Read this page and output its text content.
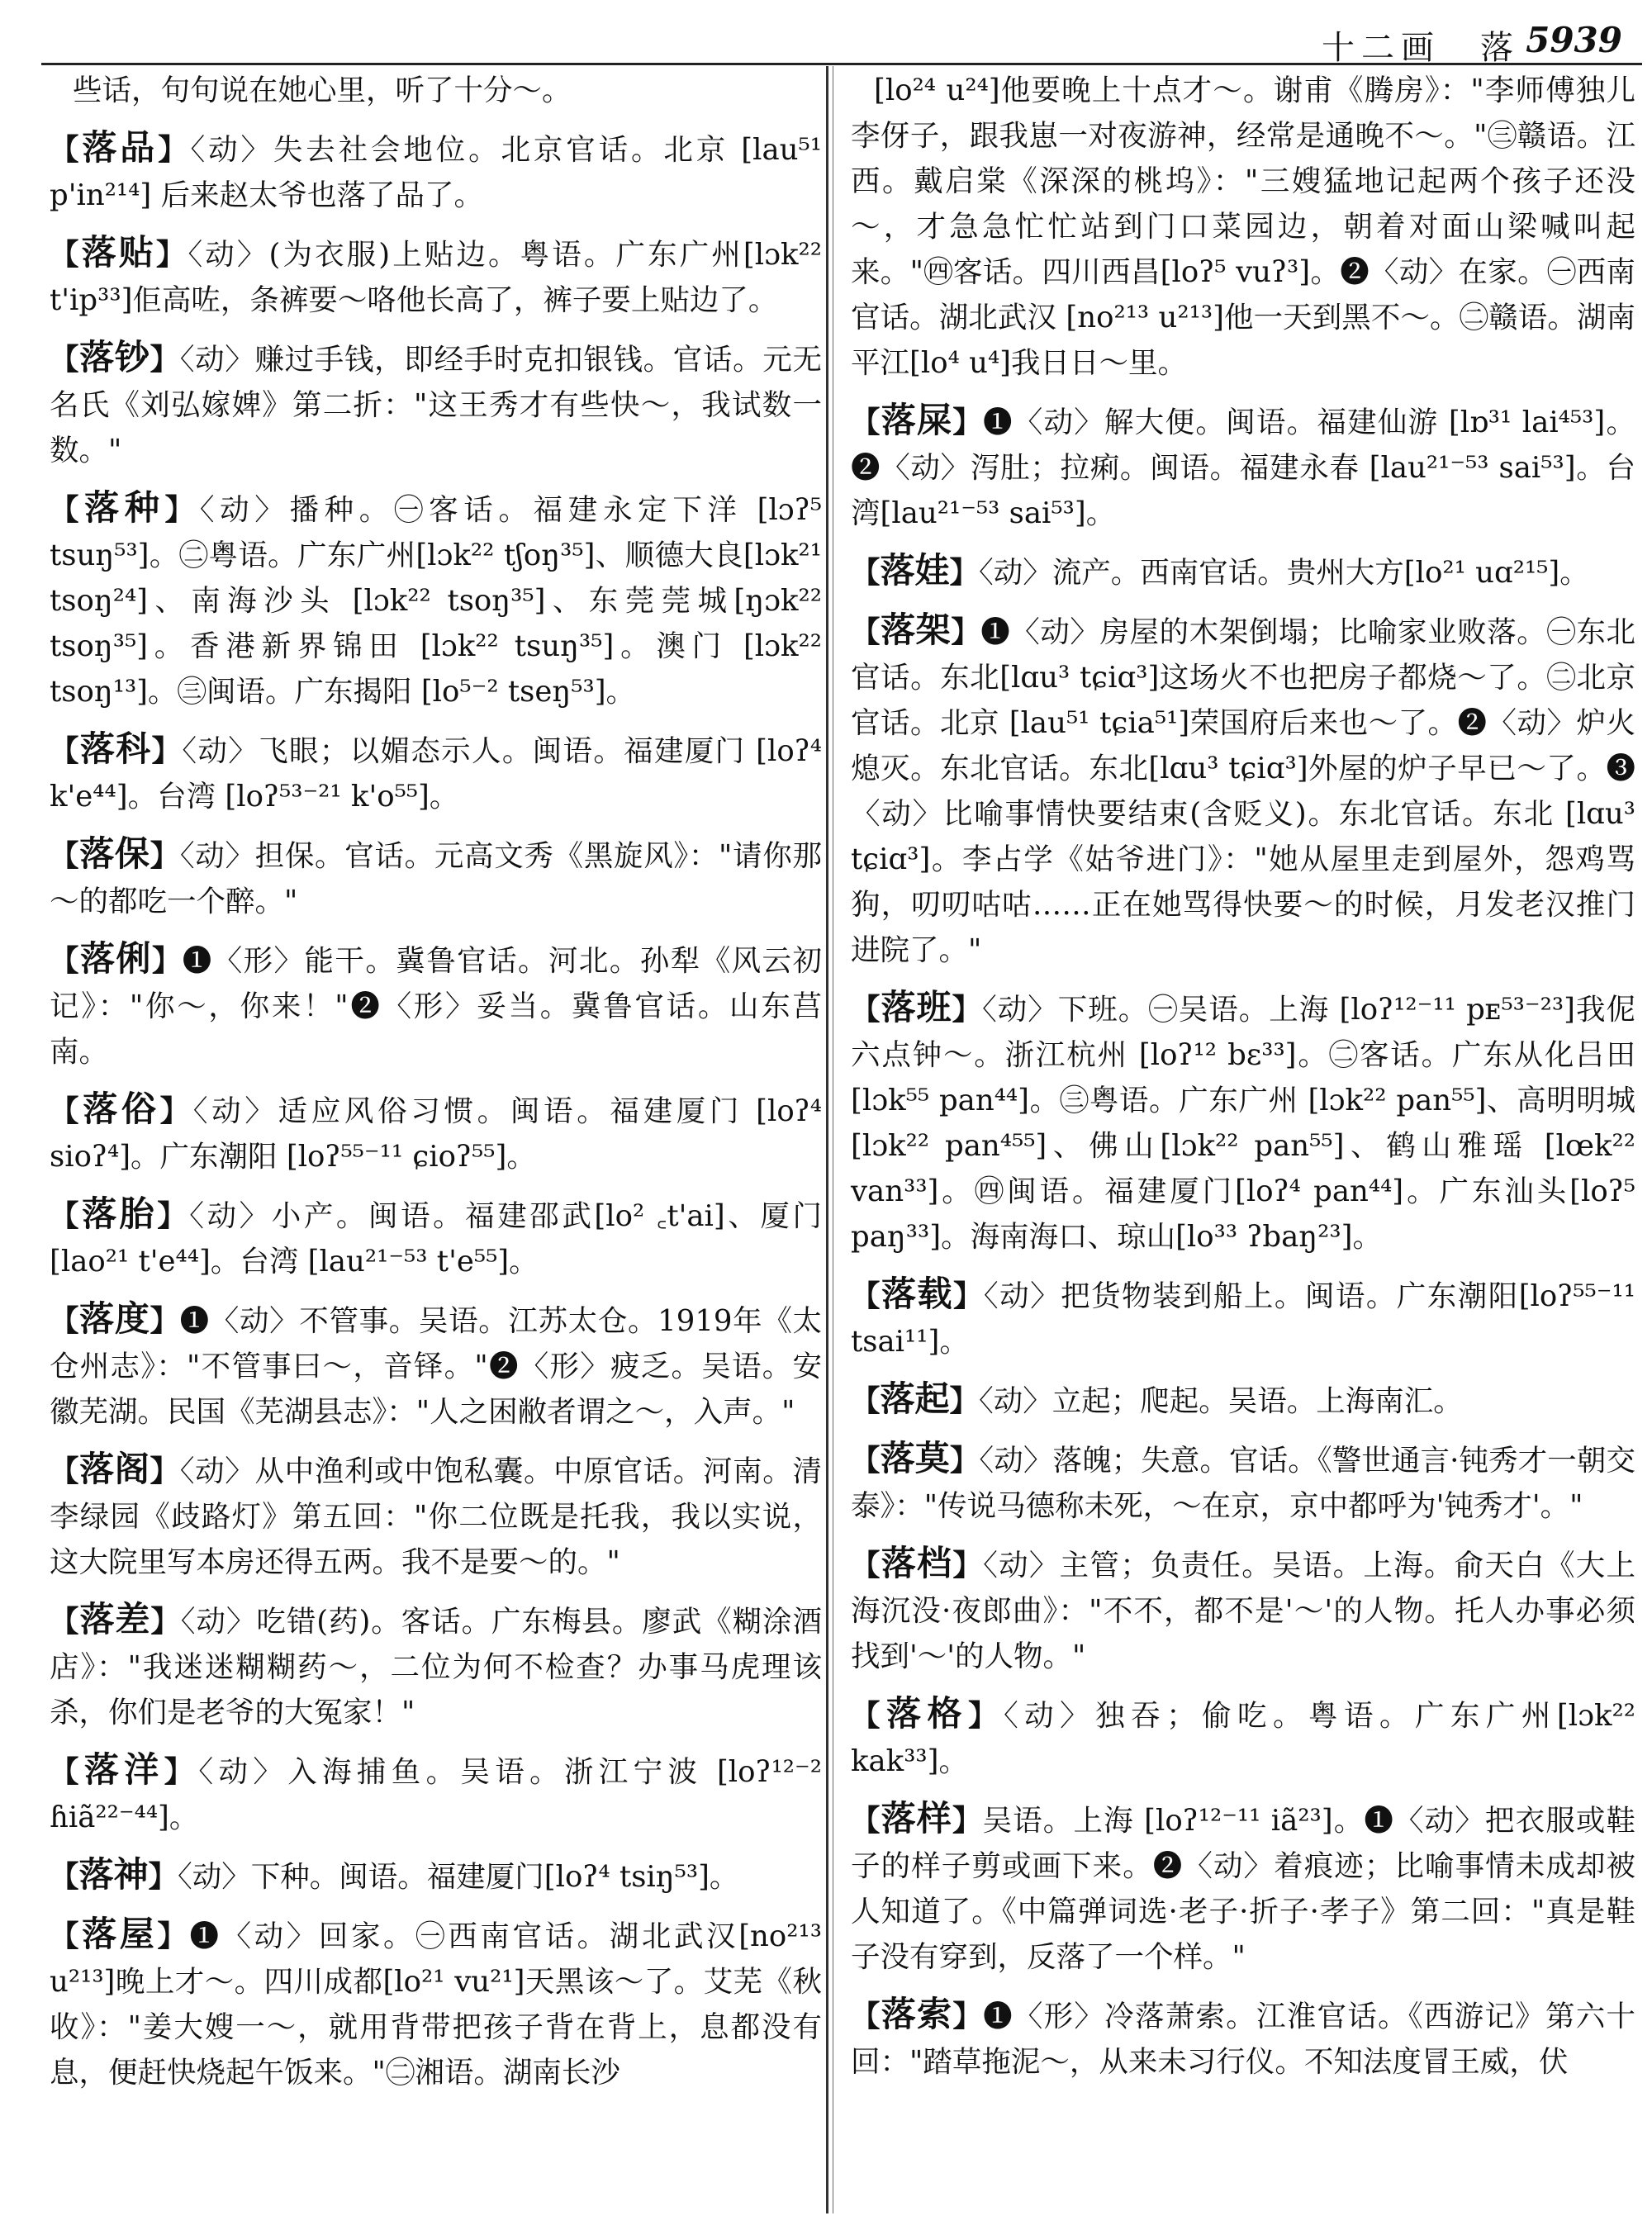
十二画　落 5939
些话，句句说在她心里，听了十分～。
【落品】〈动〉失去社会地位。北京官话。北京 [lau⁵¹ p'in²¹⁴] 后来赵太爷也落了品了。
【落贴】〈动〉(为衣服)上贴边。粤语。广东广州[lɔk²² t'ip³³]佢高咗，条裤要～咯他长高了，裤子要上贴边了。
【落钞】〈动〉赚过手钱，即经手时克扣银钱。官话。元无名氏《刘弘嫁婢》第二折："这王秀才有些快～，我试数一数。"
【落种】〈动〉播种。㊀客话。福建永定下洋 [lɔʔ⁵ tsuŋ⁵³]。㊁粤语。广东广州[lɔk²² tʃoŋ³⁵]、顺德大良[lɔk²¹ tsoŋ²⁴]、南海沙头 [lɔk²² tsoŋ³⁵]、东莞莞城[ŋɔk²² tsoŋ³⁵]。香港新界锦田 [lɔk²² tsuŋ³⁵]。澳门 [lɔk²² tsoŋ¹³]。㊂闽语。广东揭阳 [lo⁵⁻² tseŋ⁵³]。
【落科】〈动〉飞眼；以媚态示人。闽语。福建厦门 [loʔ⁴ k'e⁴⁴]。台湾 [loʔ⁵³⁻²¹ k'o⁵⁵]。
【落保】〈动〉担保。官话。元高文秀《黑旋风》："请你那～的都吃一个醉。"
【落俐】❶〈形〉能干。冀鲁官话。河北。孙犁《风云初记》："你～，你来！"❷〈形〉妥当。冀鲁官话。山东莒南。
【落俗】〈动〉适应风俗习惯。闽语。福建厦门 [loʔ⁴ sioʔ⁴]。广东潮阳 [loʔ⁵⁵⁻¹¹ ɕioʔ⁵⁵]。
【落胎】〈动〉小产。闽语。福建邵武[lo² ꜀t'ai]、厦门[lao²¹ t'e⁴⁴]。台湾 [lau²¹⁻⁵³ t'e⁵⁵]。
【落度】❶〈动〉不管事。吴语。江苏太仓。1919年《太仓州志》："不管事曰～，音铎。"❷〈形〉疲乏。吴语。安徽芜湖。民国《芜湖县志》："人之困敝者谓之～，入声。"
【落阁】〈动〉从中渔利或中饱私囊。中原官话。河南。清李绿园《歧路灯》第五回："你二位既是托我，我以实说，这大院里写本房还得五两。我不是要～的。"
【落差】〈动〉吃错(药)。客话。广东梅县。廖武《糊涂酒店》："我迷迷糊糊药～，二位为何不检查？办事马虎理该杀，你们是老爷的大冤家！"
【落洋】〈动〉入海捕鱼。吴语。浙江宁波 [loʔ¹²⁻² ɦiã²²⁻⁴⁴]。
【落神】〈动〉下种。闽语。福建厦门[loʔ⁴ tsiŋ⁵³]。
【落屋】❶〈动〉回家。㊀西南官话。湖北武汉[no²¹³ u²¹³]晚上才～。四川成都[lo²¹ vu²¹]天黑该～了。艾芜《秋收》："姜大嫂一～，就用背带把孩子背在背上，息都没有息，便赶快烧起午饭来。"㊁湘语。湖南长沙
[lo²⁴ u²⁴]他要晚上十点才～。谢甫《腾房》："李师傅独儿李伢子，跟我崽一对夜游神，经常是通晚不～。"㊂赣语。江西。戴启棠《深深的桃坞》："三嫂猛地记起两个孩子还没～，才急急忙忙站到门口菜园边，朝着对面山梁喊叫起来。"㊃客话。四川西昌[loʔ⁵ vuʔ³]。❷〈动〉在家。㊀西南官话。湖北武汉 [no²¹³ u²¹³]他一天到黑不～。㊁赣语。湖南平江[lo⁴ u⁴]我日日～里。
【落屎】❶〈动〉解大便。闽语。福建仙游 [lɒ³¹ lai⁴⁵³]。❷〈动〉泻肚；拉痢。闽语。福建永春 [lau²¹⁻⁵³ sai⁵³]。台湾[lau²¹⁻⁵³ sai⁵³]。
【落娃】〈动〉流产。西南官话。贵州大方[lo²¹ uɑ²¹⁵]。
【落架】❶〈动〉房屋的木架倒塌；比喻家业败落。㊀东北官话。东北[lɑu³ tɕiɑ³]这场火不也把房子都烧～了。㊁北京官话。北京 [lau⁵¹ tɕia⁵¹]荣国府后来也～了。❷〈动〉炉火熄灭。东北官话。东北[lɑu³ tɕiɑ³]外屋的炉子早已～了。❸〈动〉比喻事情快要结束(含贬义)。东北官话。东北 [lɑu³ tɕiɑ³]。李占学《姑爷进门》："她从屋里走到屋外，怨鸡骂狗，叨叨咕咕……正在她骂得快要～的时候，月发老汉推门进院了。"
【落班】〈动〉下班。㊀吴语。上海 [loʔ¹²⁻¹¹ pᴇ⁵³⁻²³]我伲六点钟～。浙江杭州 [loʔ¹² bɛ³³]。㊁客话。广东从化吕田 [lɔk⁵⁵ pan⁴⁴]。㊂粤语。广东广州 [lɔk²² pan⁵⁵]、高明明城 [lɔk²² pan⁴⁵⁵]、佛山[lɔk²² pan⁵⁵]、鹤山雅瑶 [lœk²² van³³]。㊃闽语。福建厦门[loʔ⁴ pan⁴⁴]。广东汕头[loʔ⁵ paŋ³³]。海南海口、琼山[lo³³ ʔbaŋ²³]。
【落载】〈动〉把货物装到船上。闽语。广东潮阳[loʔ⁵⁵⁻¹¹ tsai¹¹]。
【落起】〈动〉立起；爬起。吴语。上海南汇。
【落莫】〈动〉落魄；失意。官话。《警世通言·钝秀才一朝交泰》："传说马德称未死，～在京，京中都呼为'钝秀才'。"
【落档】〈动〉主管；负责任。吴语。上海。俞天白《大上海沉没·夜郎曲》："不不，都不是'～'的人物。托人办事必须找到'～'的人物。"
【落格】〈动〉独吞；偷吃。粤语。广东广州[lɔk²² kak³³]。
【落样】吴语。上海 [loʔ¹²⁻¹¹ iã²³]。❶〈动〉把衣服或鞋子的样子剪或画下来。❷〈动〉着痕迹；比喻事情未成却被人知道了。《中篇弹词选·老子·折子·孝子》第二回："真是鞋子没有穿到，反落了一个样。"
【落索】❶〈形〉冷落萧索。江淮官话。《西游记》第六十回："踏草拖泥～，从来未习行仪。不知法度冒王威，伏
